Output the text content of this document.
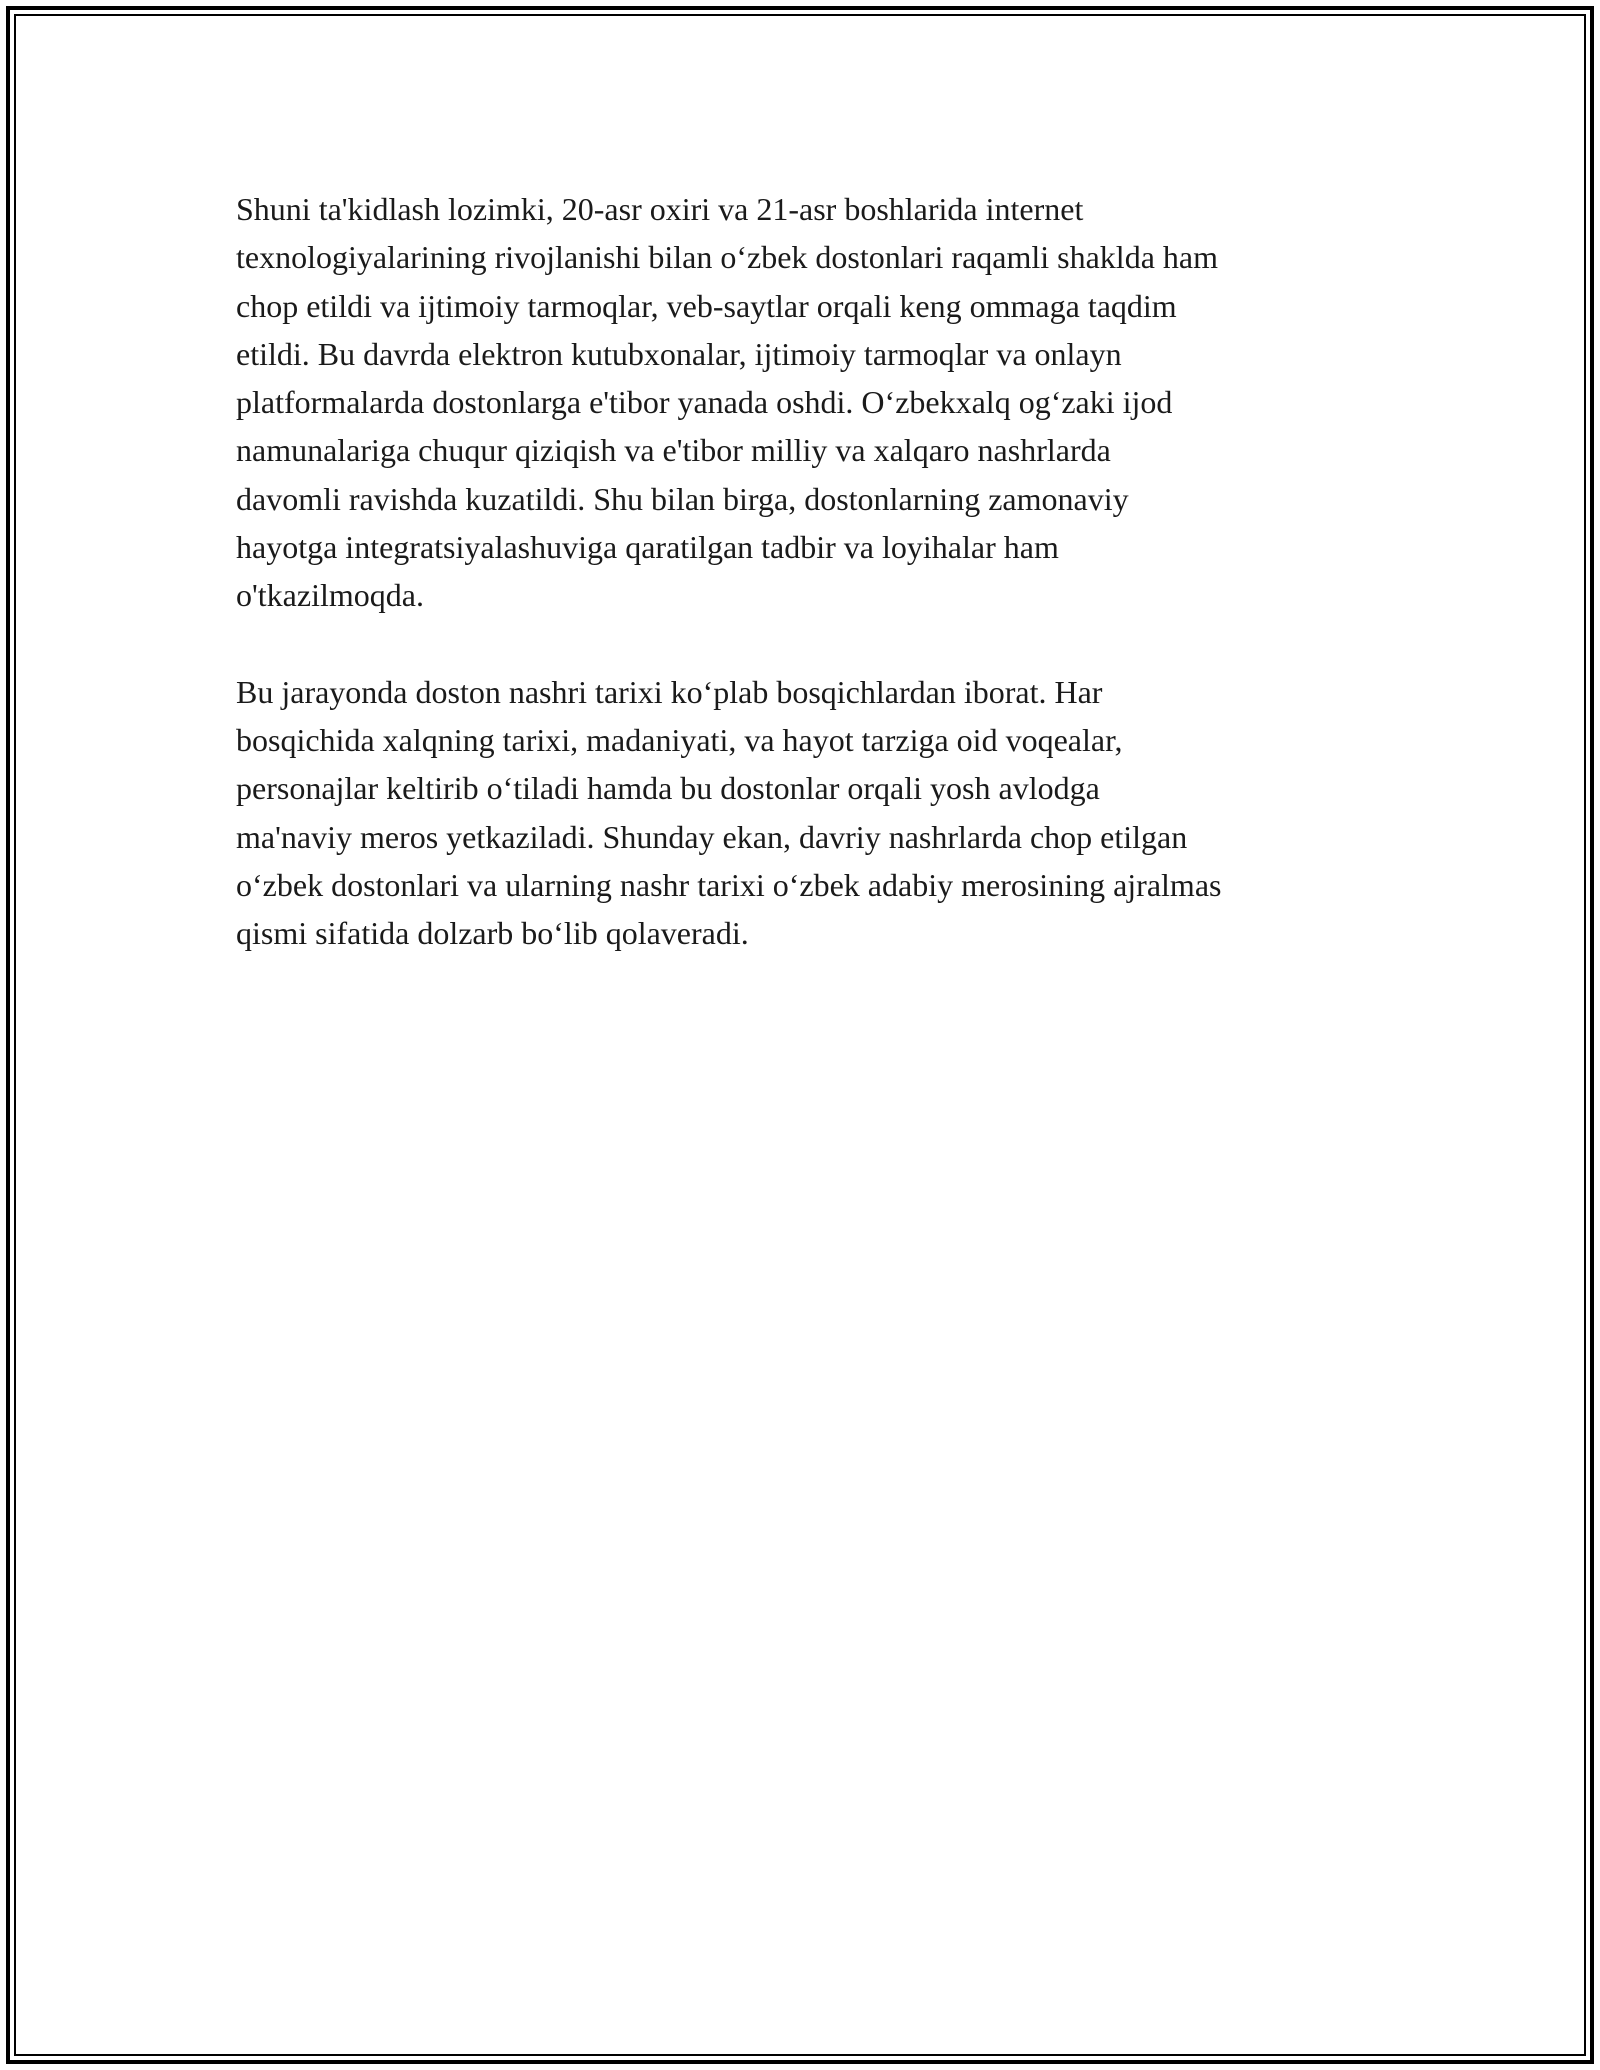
Shuni ta'kidlash lozimki, 20-asr oxiri va 21-asr boshlarida internet
texnologiyalarining rivojlanishi bilan o‘zbek dostonlari raqamli shaklda ham
chop etildi va ijtimoiy tarmoqlar, veb-saytlar orqali keng ommaga taqdim
etildi. Bu davrda elektron kutubxonalar, ijtimoiy tarmoqlar va onlayn
platformalarda dostonlarga e'tibor yanada oshdi. O‘zbekxalq og‘zaki ijod
namunalariga chuqur qiziqish va e'tibor milliy va xalqaro nashrlarda
davomli ravishda kuzatildi. Shu bilan birga, dostonlarning zamonaviy
hayotga integratsiyalashuviga qaratilgan tadbir va loyihalar ham
o'tkazilmoqda.

Bu jarayonda doston nashri tarixi ko‘plab bosqichlardan iborat. Har
bosqichida xalqning tarixi, madaniyati, va hayot tarziga oid voqealar,
personajlar keltirib o‘tiladi hamda bu dostonlar orqali yosh avlodga
ma'naviy meros yetkaziladi. Shunday ekan, davriy nashrlarda chop etilgan
o‘zbek dostonlari va ularning nashr tarixi o‘zbek adabiy merosining ajralmas
qismi sifatida dolzarb bo‘lib qolaveradi.
